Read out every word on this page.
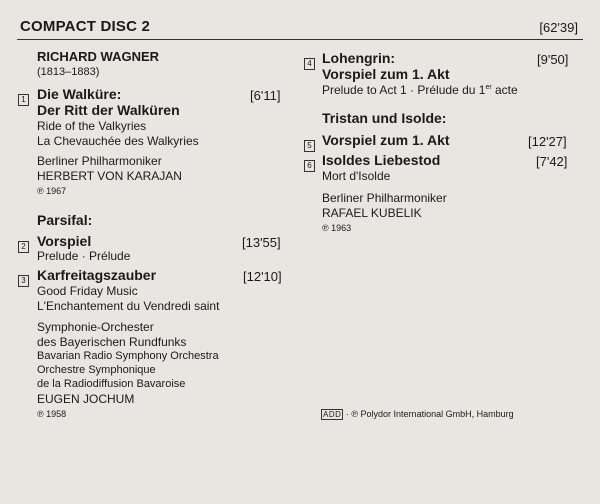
COMPACT DISC 2	[62'39]
RICHARD WAGNER
(1813–1883)
1 Die Walküre:
Der Ritt der Walküren
[6'11]
Ride of the Valkyries
La Chevauchée des Walkyries
Berliner Philharmoniker
HERBERT VON KARAJAN
℗ 1967
Parsifal:
2 Vorspiel	[13'55]
Prelude · Prélude
3 Karfreitagszauber	[12'10]
Good Friday Music
L'Enchantement du Vendredi saint
Symphonie-Orchester
des Bayerischen Rundfunks
Bavarian Radio Symphony Orchestra
Orchestre Symphonique
de la Radiodiffusion Bavaroise
EUGEN JOCHUM
℗ 1958
4 Lohengrin:
Vorspiel zum 1. Akt
[9'50]
Prelude to Act 1 · Prélude du 1er acte
Tristan und Isolde:
5 Vorspiel zum 1. Akt	[12'27]
6 Isoldes Liebestod	[7'42]
Mort d'Isolde
Berliner Philharmoniker
RAFAEL KUBELIK
℗ 1963
ADD · ℗ Polydor International GmbH, Hamburg
